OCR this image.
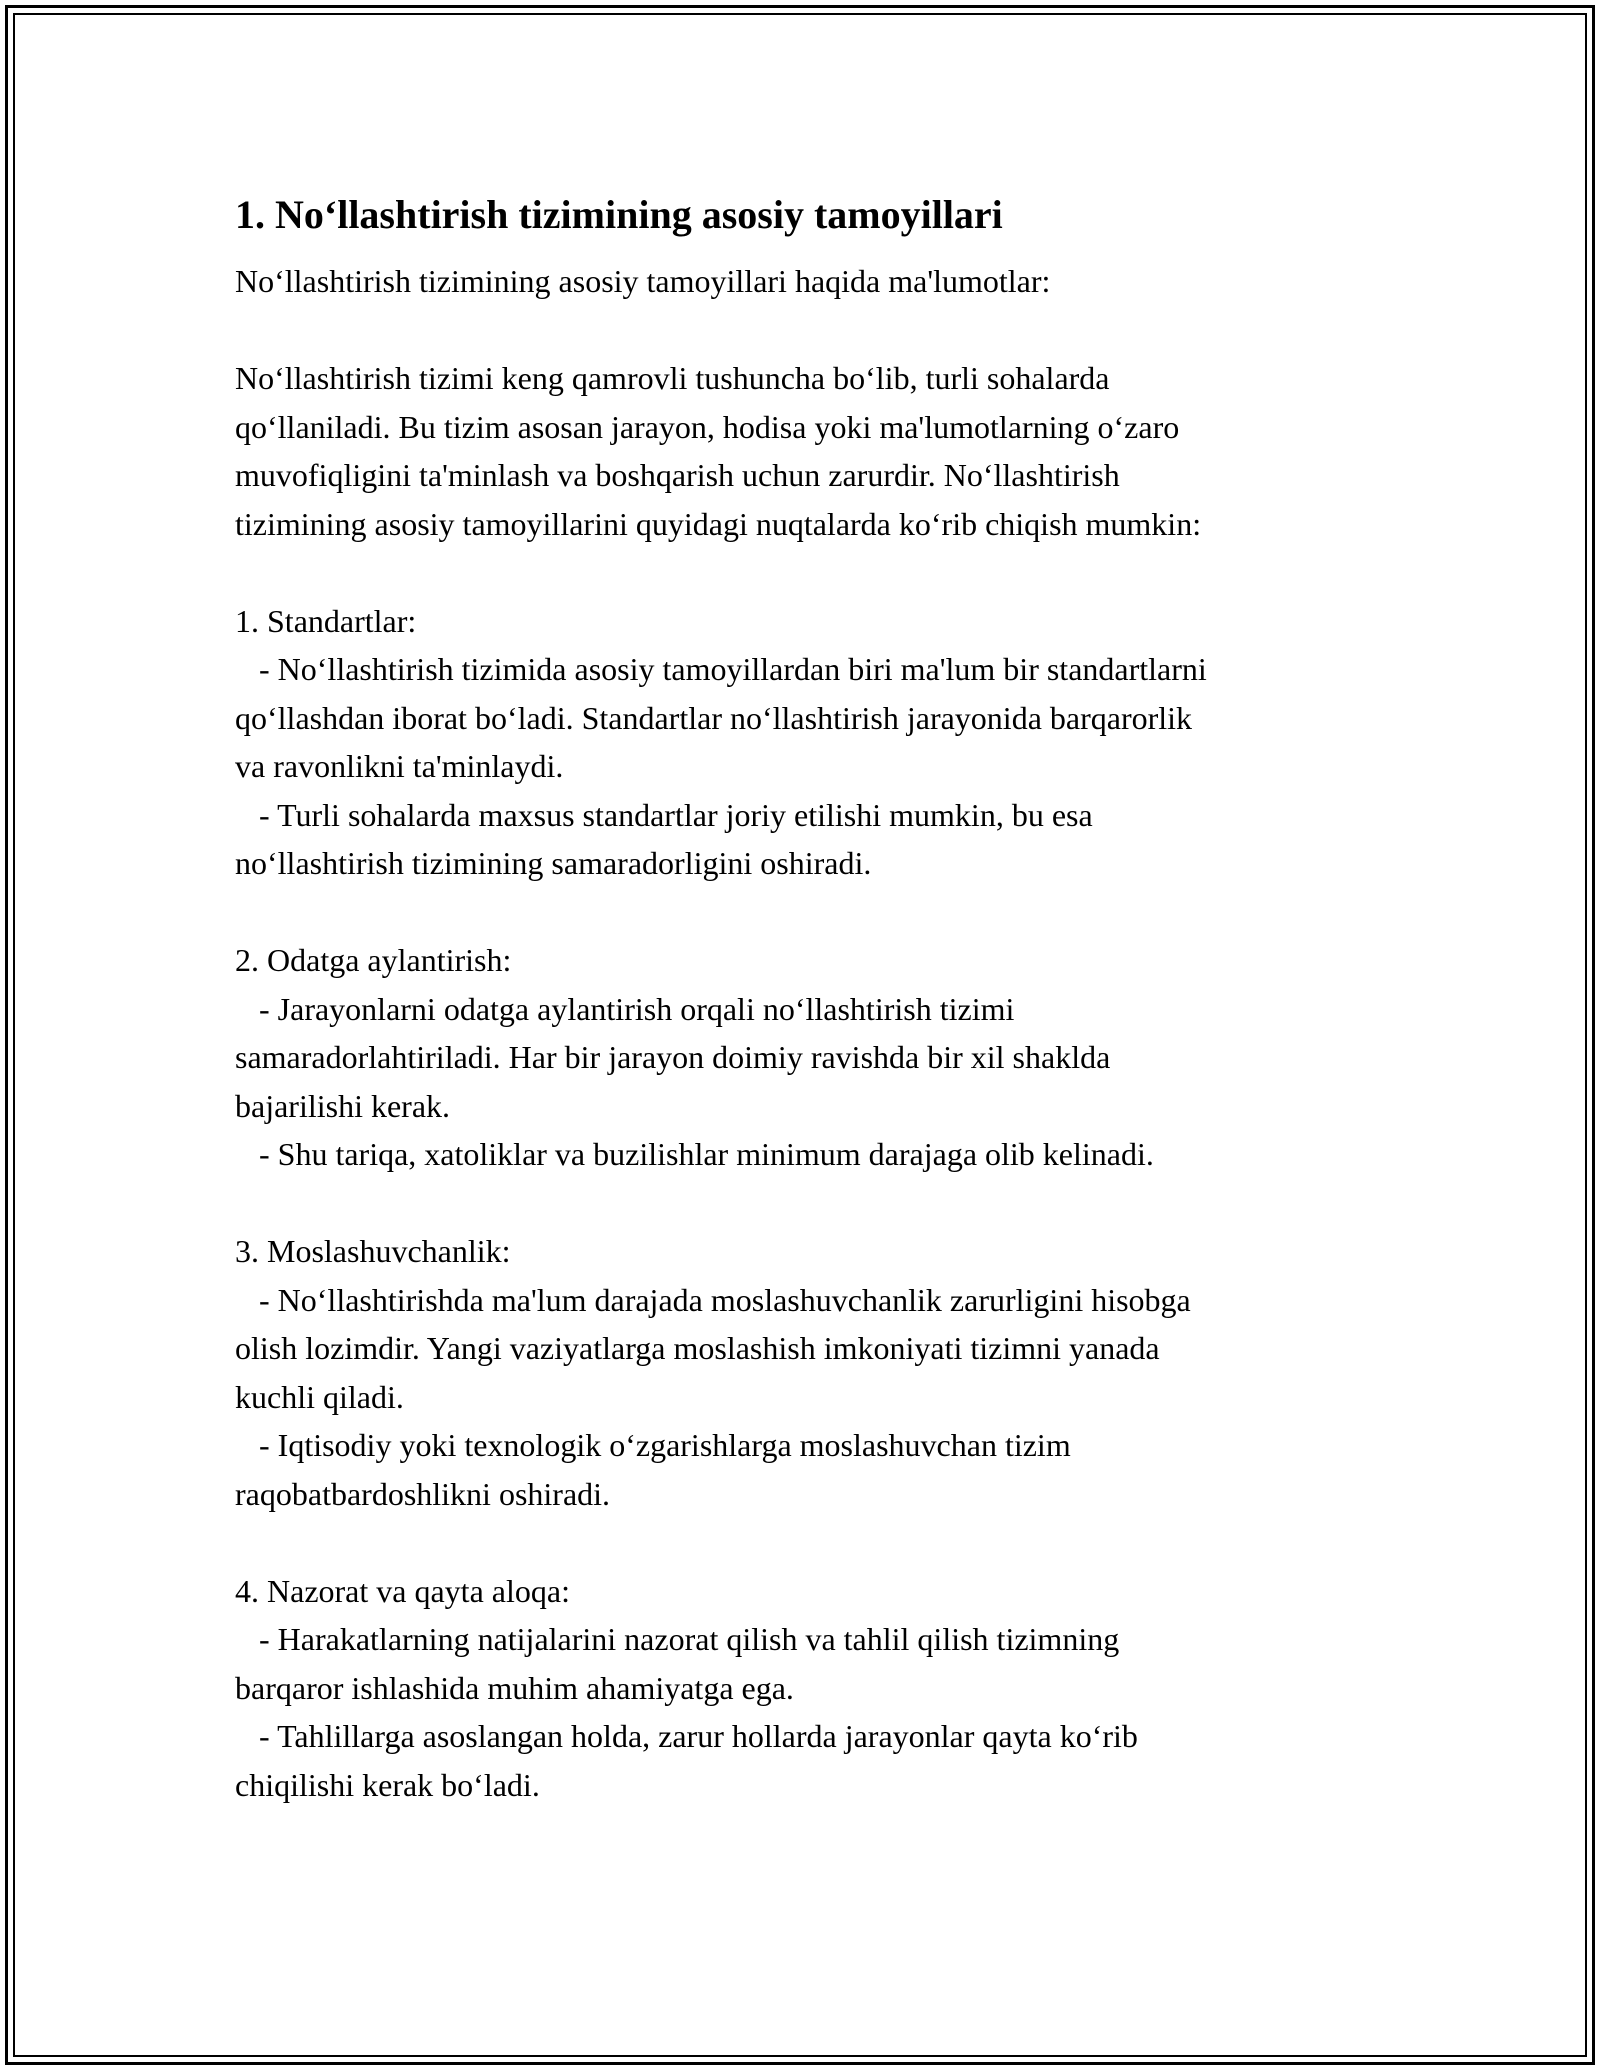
1. No‘llashtirish tizimining asosiy tamoyillari

No‘llashtirish tizimining asosiy tamoyillari haqida ma'lumotlar:

No‘llashtirish tizimi keng qamrovli tushuncha bo‘lib, turli sohalarda

qo‘llaniladi. Bu tizim asosan jarayon, hodisa yoki ma'lumotlarning o‘zaro

muvofiqligini ta'minlash va boshqarish uchun zarurdir. No‘llashtirish

tizimining asosiy tamoyillarini quyidagi nuqtalarda ko‘rib chiqish mumkin:

1. Standartlar:

- No‘llashtirish tizimida asosiy tamoyillardan biri ma'lum bir standartlarni

qo‘llashdan iborat bo‘ladi. Standartlar no‘llashtirish jarayonida barqarorlik

va ravonlikni ta'minlaydi.

- Turli sohalarda maxsus standartlar joriy etilishi mumkin, bu esa

no‘llashtirish tizimining samaradorligini oshiradi.

2. Odatga aylantirish:

- Jarayonlarni odatga aylantirish orqali no‘llashtirish tizimi

samaradorlahtiriladi. Har bir jarayon doimiy ravishda bir xil shaklda

bajarilishi kerak.

- Shu tariqa, xatoliklar va buzilishlar minimum darajaga olib kelinadi.

3. Moslashuvchanlik:

- No‘llashtirishda ma'lum darajada moslashuvchanlik zarurligini hisobga

olish lozimdir. Yangi vaziyatlarga moslashish imkoniyati tizimni yanada

kuchli qiladi.

- Iqtisodiy yoki texnologik o‘zgarishlarga moslashuvchan tizim

raqobatbardoshlikni oshiradi.

4. Nazorat va qayta aloqa:

- Harakatlarning natijalarini nazorat qilish va tahlil qilish tizimning

barqaror ishlashida muhim ahamiyatga ega.

- Tahlillarga asoslangan holda, zarur hollarda jarayonlar qayta ko‘rib

chiqilishi kerak bo‘ladi.
